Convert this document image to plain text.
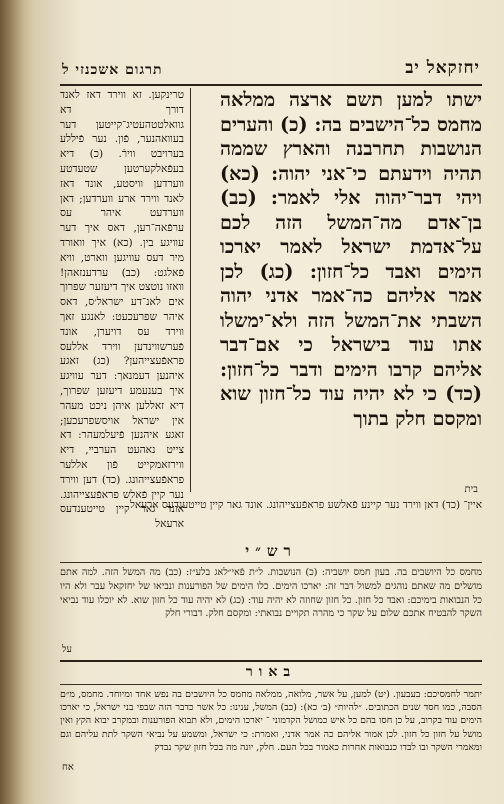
יחזקאל יב
תרגום אשכנזי ל
ישתו למען תשם ארצה ממלאה מחמס כל־הישבים בה: (כ) והערים הנושבות תחרבנה והארץ שממה תהיה וידעתם כי־אני יהוה: (כא) ויהי דבר־יהוה אלי לאמר: (כב) בן־אדם מה־המשל הזה לכם על־אדמת ישראל לאמר יארכו הימים ואבד כל־חזון: (כג) לכן אמר אליהם כה־אמר אדני יהוה השבתי את־המשל הזה ולא־ימשלו אתו עוד בישראל כי אם־דבר אליהם קרבו הימים ודבר כל־חזון: (כד) כי לא יהיה עוד כל־חזון שוא ומקסם חלק בתוך
טרינקען. זא ווירד דאז לאנד דורך דא גוואלטטהעטיג־קייטען דער בעוואהנער, פֿון. נער פֿיללע בערויבט ווירֿ. (כ) דיא בעפֿאלקערטען שטעדטע ווערדען וויסטע, אונד דאז לאנד ווירד ארע ווערדען; דאן ווערדעט איהר עס ערפֿאה־רען, דאס איך דער עוויגע בין. (כא) איך וואורד מיר דעס עוויגען ווארט, וויא פֿאלגט: (כב) ערדענזאהן! וואזו נוטצט איך דיעזער שפרוך אים לאנ־דע ישראל׳ס, דאס איהר שפרעכעט: לאנגע זאך ווירד עס דויערן, אונד פֿערשווינדען ווירד אללעס פראפֿעצייהען? (כג) זאגע איהנען דעמנאך: דער עוויגע איך בענעמע דיעזען שפרוך, דיא זאללען איהן ניכט מעהר אין ישראל אויסשפרעכען; זאגע איהנען פֿיעלמעהר: דא צייט נאהעט הערבײ, דיא ווירזאמקייט פֿון אללער פראפֿעצייהונג. (כד) דען ווירד נער קיין פֿאלש פראפֿעצייהונג. אונד גאר קיין טייטענדעס ארעאל
בית
איין־ (כד) דאן ווירד נער קיינע פֿאלשע פראפֿעצייהונג. אונד גאר קיין טייטענדעס ארעאל
רש״י
מחמס כל היושבים בה. בעון חמס יושביה: (כ) הנושבות. ל״ת פֿאי״לאג בלע״ז: (כב) מה המשל הזה. למה אתם מושלים מה שאתם נוהגים למשול דבר זה: יארכו הימים. כלו הימים של הפורענות ונביאו של יחזקאל עבר ולא היו כל הנבואות בימיכם: ואבד כל חזון. כל חזון שחוזה לא יהיה עוד: (כג) לא יהיה עוד כל חזון שוא. לא יוכלו עוד נביאי השקר להבטיח אתכם שלום על שקר כי מהרה תקויים נבואתי: ומקסם חלק. דבורי חלק
על
באור
יתמר לחמסיכם: בעבעון. (יט) למען, על אשר, מלואה, ממלאה מחמס כל היושבים בה נפש אחד ומיוחד. מחמס, מ״ם הסבה, כמו חסד שנים הכתובים. ״להיות״ (ב׳ כא): (כב) המשל, ענינו: כל אשר כדבר הזה שבפי בני ישראל, כי יארכו הימים עוד בקרוב, על כן חסו בהם כל איש כמושל הקדמוני ־ יארכו הימים, ולא תבוא הפורענות ובמקרב יבוא הקץ ואין מושל על חזון כל חזון. לכן אמור אליהם כה אמר אדני, ואמרת: כי ישראל, ומשמע על נביאי השקר לתת עליהם וגם ומאמרי השקר ובו לבדו כנבואות אחרות כאמור בכל העם. חלק, יונה מה בכל חזון שקר נבדק
אח
